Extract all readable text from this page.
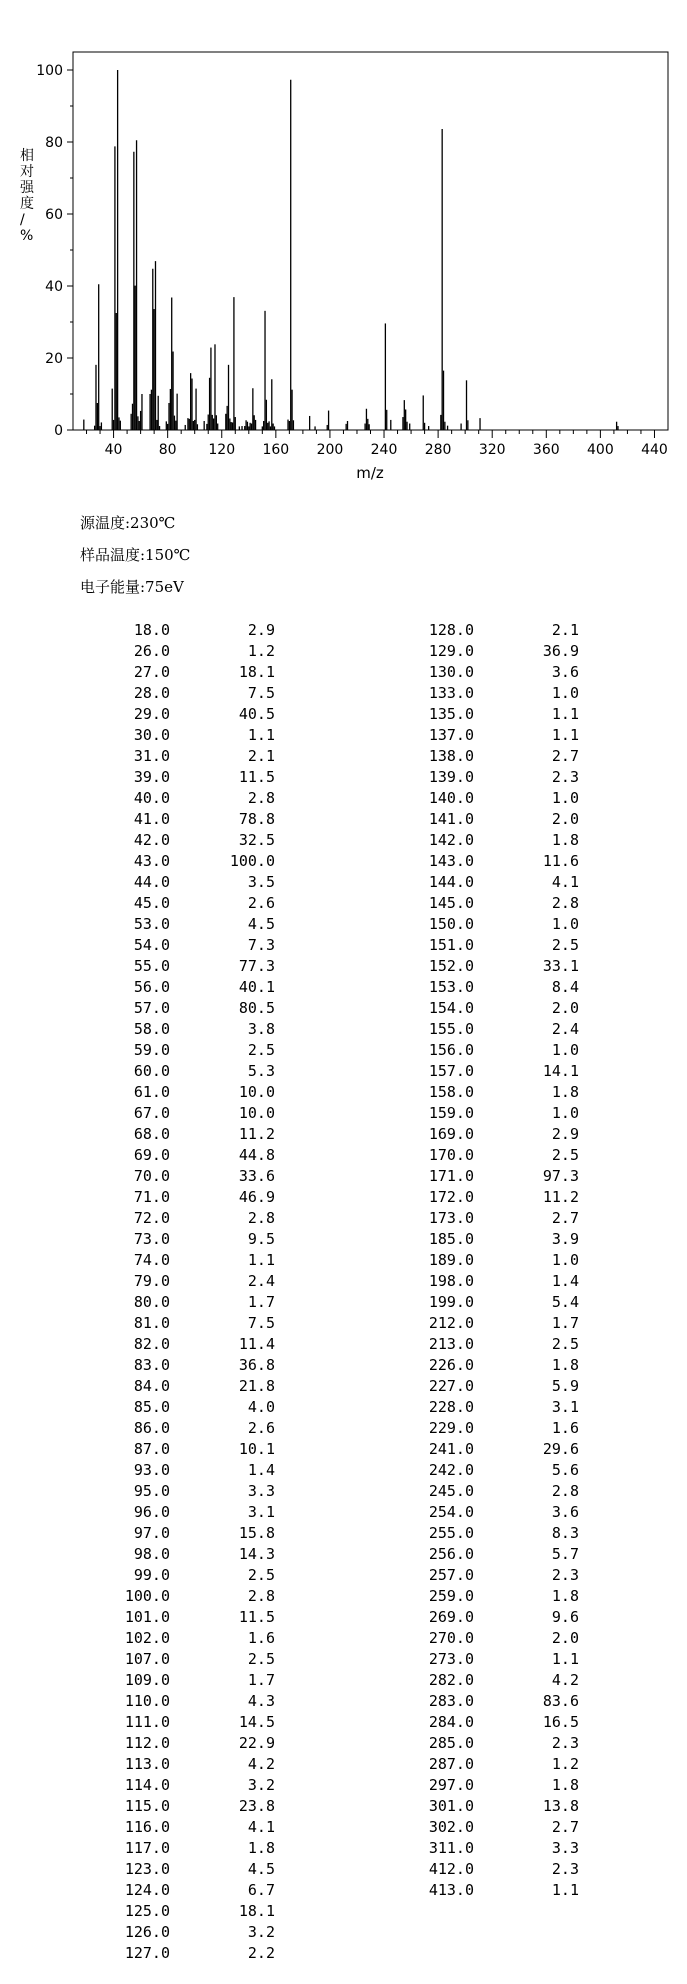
0
20
40
60
80
100
40	80 120 160 200 240 280 320 360 400 440
m/z
相对强度/ %
源温度:230℃
样品温度:150℃
电子能量:75eV
18.0	2.9
26.0	1.2
27.0	18.1
28.0	7.5
29.0	40.5
30.0	1.1
31.0	2.1
39.0	11.5
40.0	2.8
41.0	78.8
42.0	32.5
43.0	100.0
44.0	3.5
45.0	2.6
53.0	4.5
54.0	7.3
55.0	77.3
56.0	40.1
57.0	80.5
58.0	3.8
59.0	2.5
60.0	5.3
61.0	10.0
67.0	10.0
68.0	11.2
69.0	44.8
70.0	33.6
71.0	46.9
72.0	2.8
73.0	9.5
74.0	1.1
79.0	2.4
80.0	1.7
81.0	7.5
82.0	11.4
83.0	36.8
84.0	21.8
85.0	4.0
86.0	2.6
87.0	10.1
93.0	1.4
95.0	3.3
96.0	3.1
97.0	15.8
98.0	14.3
99.0	2.5
100.0	2.8
101.0	11.5
102.0	1.6
107.0	2.5
109.0	1.7
110.0	4.3
111.0	14.5
112.0	22.9
113.0	4.2
114.0	3.2
115.0	23.8
116.0	4.1
117.0	1.8
123.0	4.5
124.0	6.7
125.0	18.1
126.0	3.2
127.0	2.2
128.0	2.1
129.0	36.9
130.0	3.6
133.0	1.0
135.0	1.1
137.0	1.1
138.0	2.7
139.0	2.3
140.0	1.0
141.0	2.0
142.0	1.8
143.0	11.6
144.0	4.1
145.0	2.8
150.0	1.0
151.0	2.5
152.0	33.1
153.0	8.4
154.0	2.0
155.0	2.4
156.0	1.0
157.0	14.1
158.0	1.8
159.0	1.0
169.0	2.9
170.0	2.5
171.0	97.3
172.0	11.2
173.0	2.7
185.0	3.9
189.0	1.0
198.0	1.4
199.0	5.4
212.0	1.7
213.0	2.5
226.0	1.8
227.0	5.9
228.0	3.1
229.0	1.6
241.0	29.6
242.0	5.6
245.0	2.8
254.0	3.6
255.0	8.3
256.0	5.7
257.0	2.3
259.0	1.8
269.0	9.6
270.0	2.0
273.0	1.1
282.0	4.2
283.0	83.6
284.0	16.5
285.0	2.3
287.0	1.2
297.0	1.8
301.0	13.8
302.0	2.7
311.0	3.3
412.0	2.3
413.0	1.1
